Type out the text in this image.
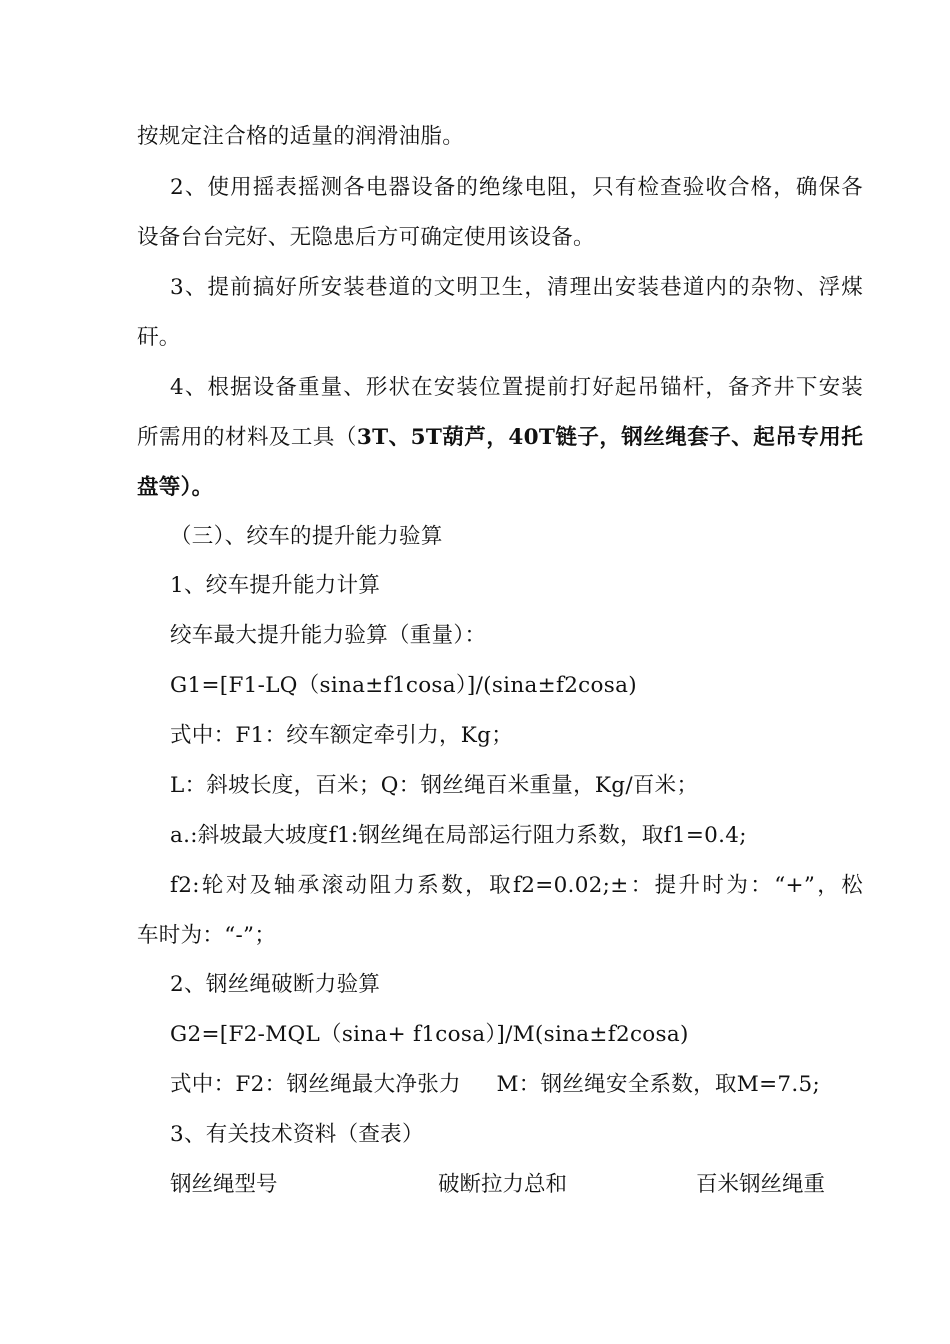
按规定注合格的适量的润滑油脂。
2、使用摇表摇测各电器设备的绝缘电阻，只有检查验收合格，确保各
设备台台完好、无隐患后方可确定使用该设备。
3、提前搞好所安装巷道的文明卫生，清理出安装巷道内的杂物、浮煤
矸。
4、根据设备重量、形状在安装位置提前打好起吊锚杆，备齐井下安装
所需用的材料及工具（3T、5T葫芦，40T链子，钢丝绳套子、起吊专用托
盘等）。
（三）、绞车的提升能力验算
1、绞车提升能力计算
绞车最大提升能力验算（重量）：
G1=[F1-LQ（sina±f1cosa）]/(sina±f2cosa)
式中：F1：绞车额定牵引力，Kg；
L：斜坡长度，百米；Q：钢丝绳百米重量，Kg/百米；
a.:斜坡最大坡度f1:钢丝绳在局部运行阻力系数，取f1=0.4;
f2:轮对及轴承滚动阻力系数，取f2=0.02;±：提升时为：“+”，松
车时为：“-”；
2、钢丝绳破断力验算
G2=[F2-MQL（sina+ f1cosa）]/M(sina±f2cosa)
式中：F2：钢丝绳最大净张力     M：钢丝绳安全系数，取M=7.5;
3、有关技术资料（查表）
钢丝绳型号	破断拉力总和	百米钢丝绳重
